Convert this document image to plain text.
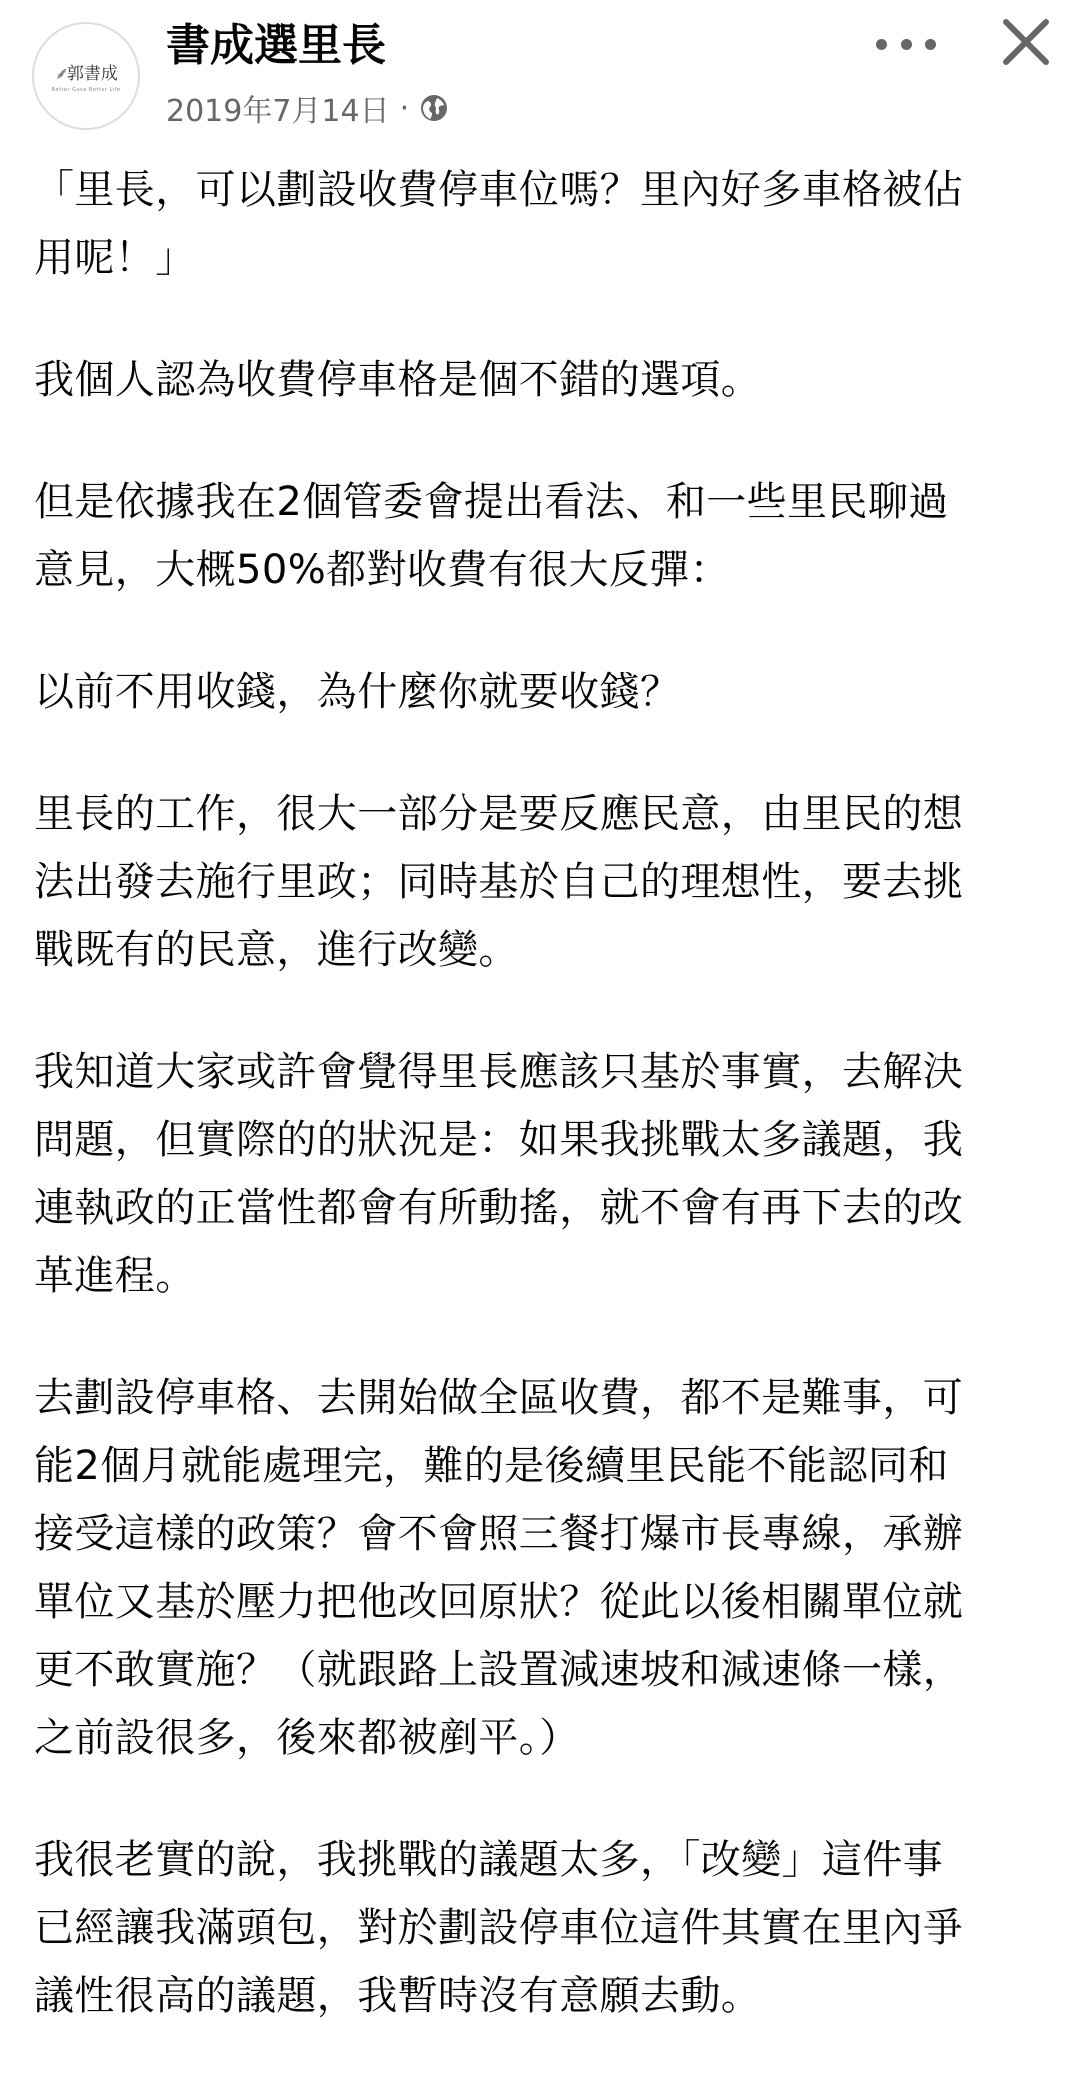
⸙郭書成
Better Gusa Better Life
書成選里長
2019年7月14日 ·

「里長，可以劃設收費停車位嗎？里內好多車格被佔
用呢！」

我個人認為收費停車格是個不錯的選項。

但是依據我在2個管委會提出看法、和一些里民聊過
意見，大概50%都對收費有很大反彈：

以前不用收錢，為什麼你就要收錢？

里長的工作，很大一部分是要反應民意，由里民的想
法出發去施行里政；同時基於自己的理想性，要去挑
戰既有的民意，進行改變。

我知道大家或許會覺得里長應該只基於事實，去解決
問題，但實際的的狀況是：如果我挑戰太多議題，我
連執政的正當性都會有所動搖，就不會有再下去的改
革進程。

去劃設停車格、去開始做全區收費，都不是難事，可
能2個月就能處理完，難的是後續里民能不能認同和
接受這樣的政策？會不會照三餐打爆市長專線，承辦
單位又基於壓力把他改回原狀？從此以後相關單位就
更不敢實施？（就跟路上設置減速坡和減速條一樣，
之前設很多，後來都被剷平。）

我很老實的說，我挑戰的議題太多，「改變」這件事
已經讓我滿頭包，對於劃設停車位這件其實在里內爭
議性很高的議題，我暫時沒有意願去動。
